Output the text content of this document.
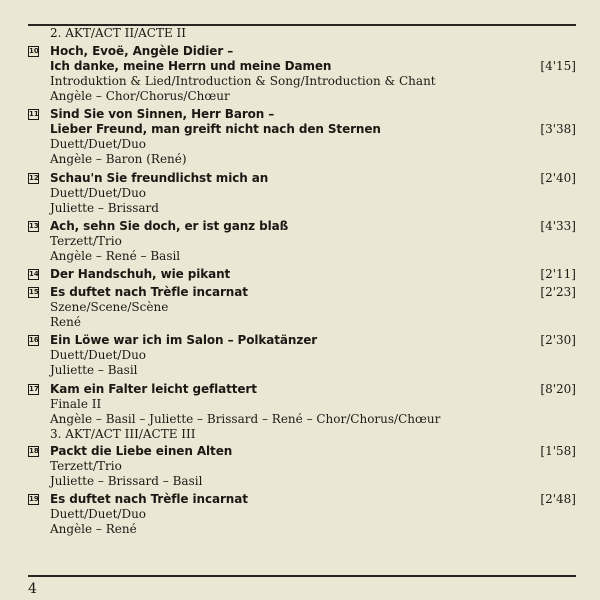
2. AKT/ACT II/ACTE II
10 Hoch, Evoë, Angèle Didier –
Ich danke, meine Herrn und meine Damen	[4'15]
Introduktion & Lied/Introduction & Song/Introduction & Chant
Angèle – Chor/Chorus/Chœur
11 Sind Sie von Sinnen, Herr Baron –
Lieber Freund, man greift nicht nach den Sternen	[3'38]
Duett/Duet/Duo
Angèle – Baron (René)
12 Schau'n Sie freundlichst mich an	[2'40]
Duett/Duet/Duo
Juliette – Brissard
13 Ach, sehn Sie doch, er ist ganz blaß	[4'33]
Terzett/Trio
Angèle – René – Basil
14 Der Handschuh, wie pikant	[2'11]
15 Es duftet nach Trèfle incarnat	[2'23]
Szene/Scene/Scène
René
16 Ein Löwe war ich im Salon – Polkatänzer	[2'30]
Duett/Duet/Duo
Juliette – Basil
17 Kam ein Falter leicht geflattert	[8'20]
Finale II
Angèle – Basil – Juliette – Brissard – René – Chor/Chorus/Chœur
3. AKT/ACT III/ACTE III
18 Packt die Liebe einen Alten	[1'58]
Terzett/Trio
Juliette – Brissard – Basil
19 Es duftet nach Trèfle incarnat	[2'48]
Duett/Duet/Duo
Angèle – René
4
